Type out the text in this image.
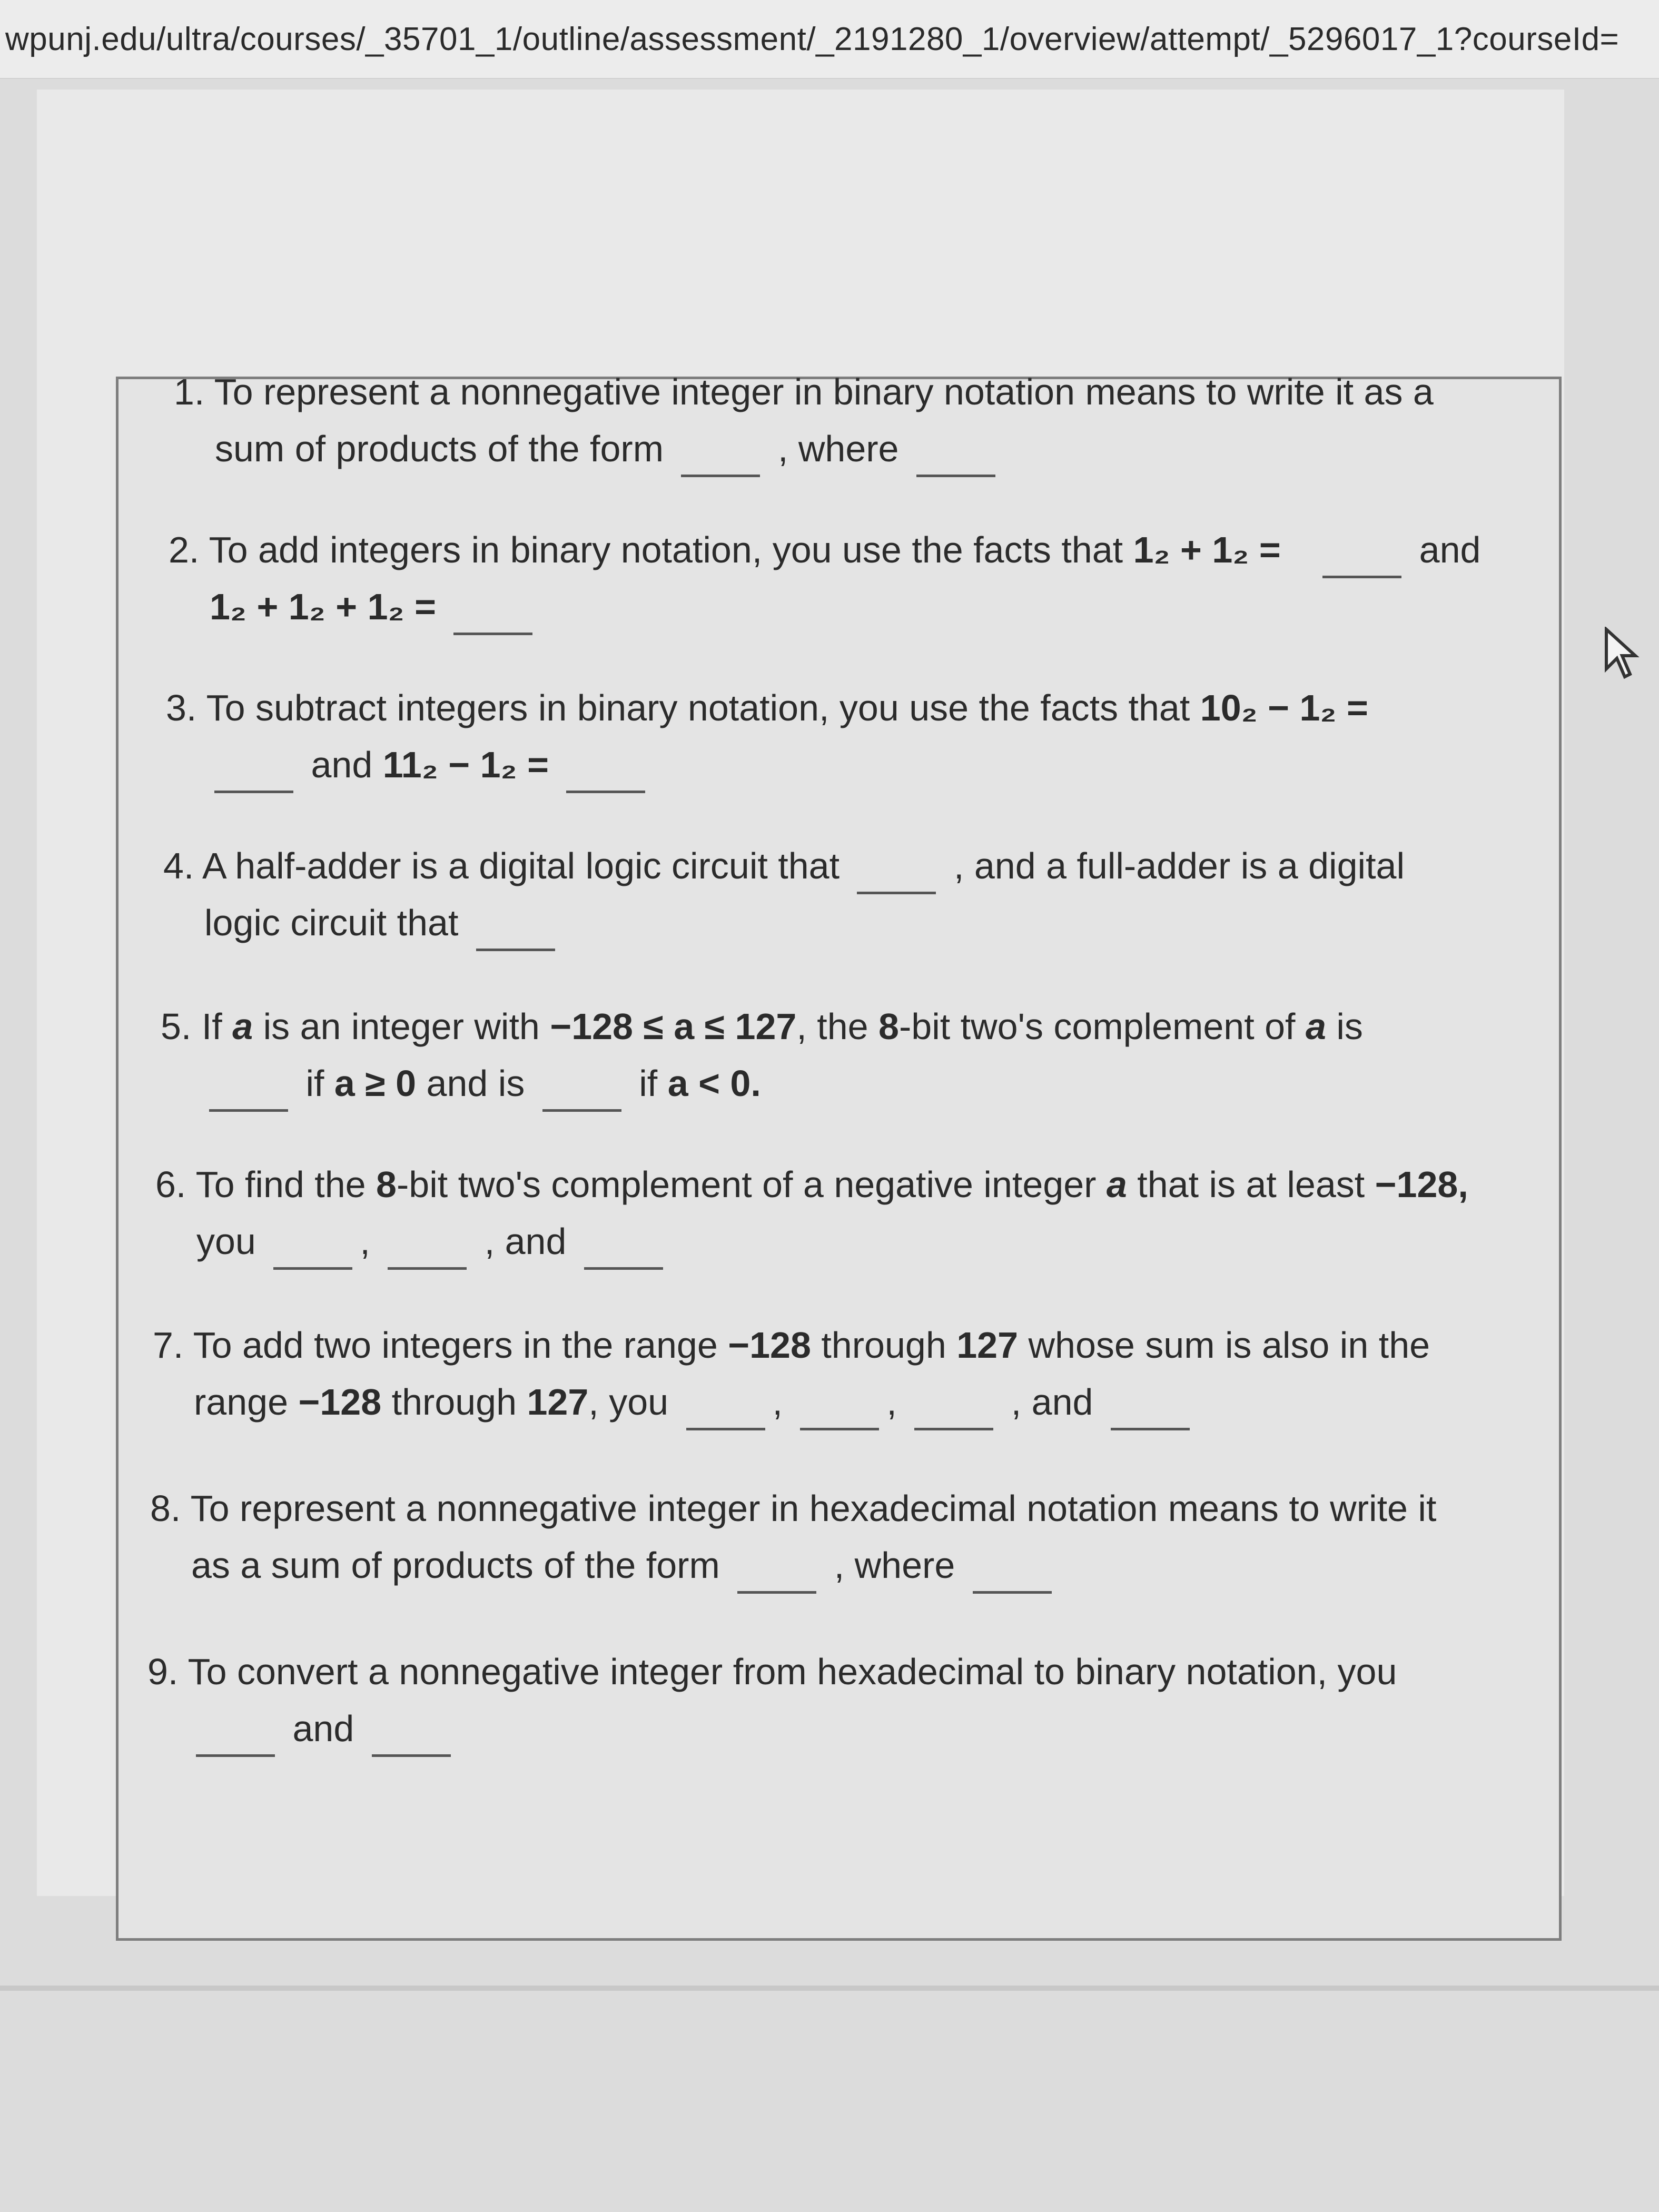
wpunj.edu/ultra/courses/_35701_1/outline/assessment/_2191280_1/overview/attempt/_5296017_1?courseId=
1. To represent a nonnegative integer in binary notation means to write it as a
sum of products of the form	, where
2. To add integers in binary notation, you use the facts that 1₂ + 1₂ =	and
1₂ + 1₂ + 1₂ =
3. To subtract integers in binary notation, you use the facts that 10₂ − 1₂ =
and 11₂ − 1₂ =
4. A half-adder is a digital logic circuit that	, and a full-adder is a digital
logic circuit that
5. If a is an integer with −128 ≤ a ≤ 127, the 8-bit two's complement of a is
if a ≥ 0 and is	if a < 0.
6. To find the 8-bit two's complement of a negative integer a that is at least −128,
you	,	, and
7. To add two integers in the range −128 through 127 whose sum is also in the
range −128 through 127, you	,	,	, and
8. To represent a nonnegative integer in hexadecimal notation means to write it
as a sum of products of the form	, where
9. To convert a nonnegative integer from hexadecimal to binary notation, you
and
